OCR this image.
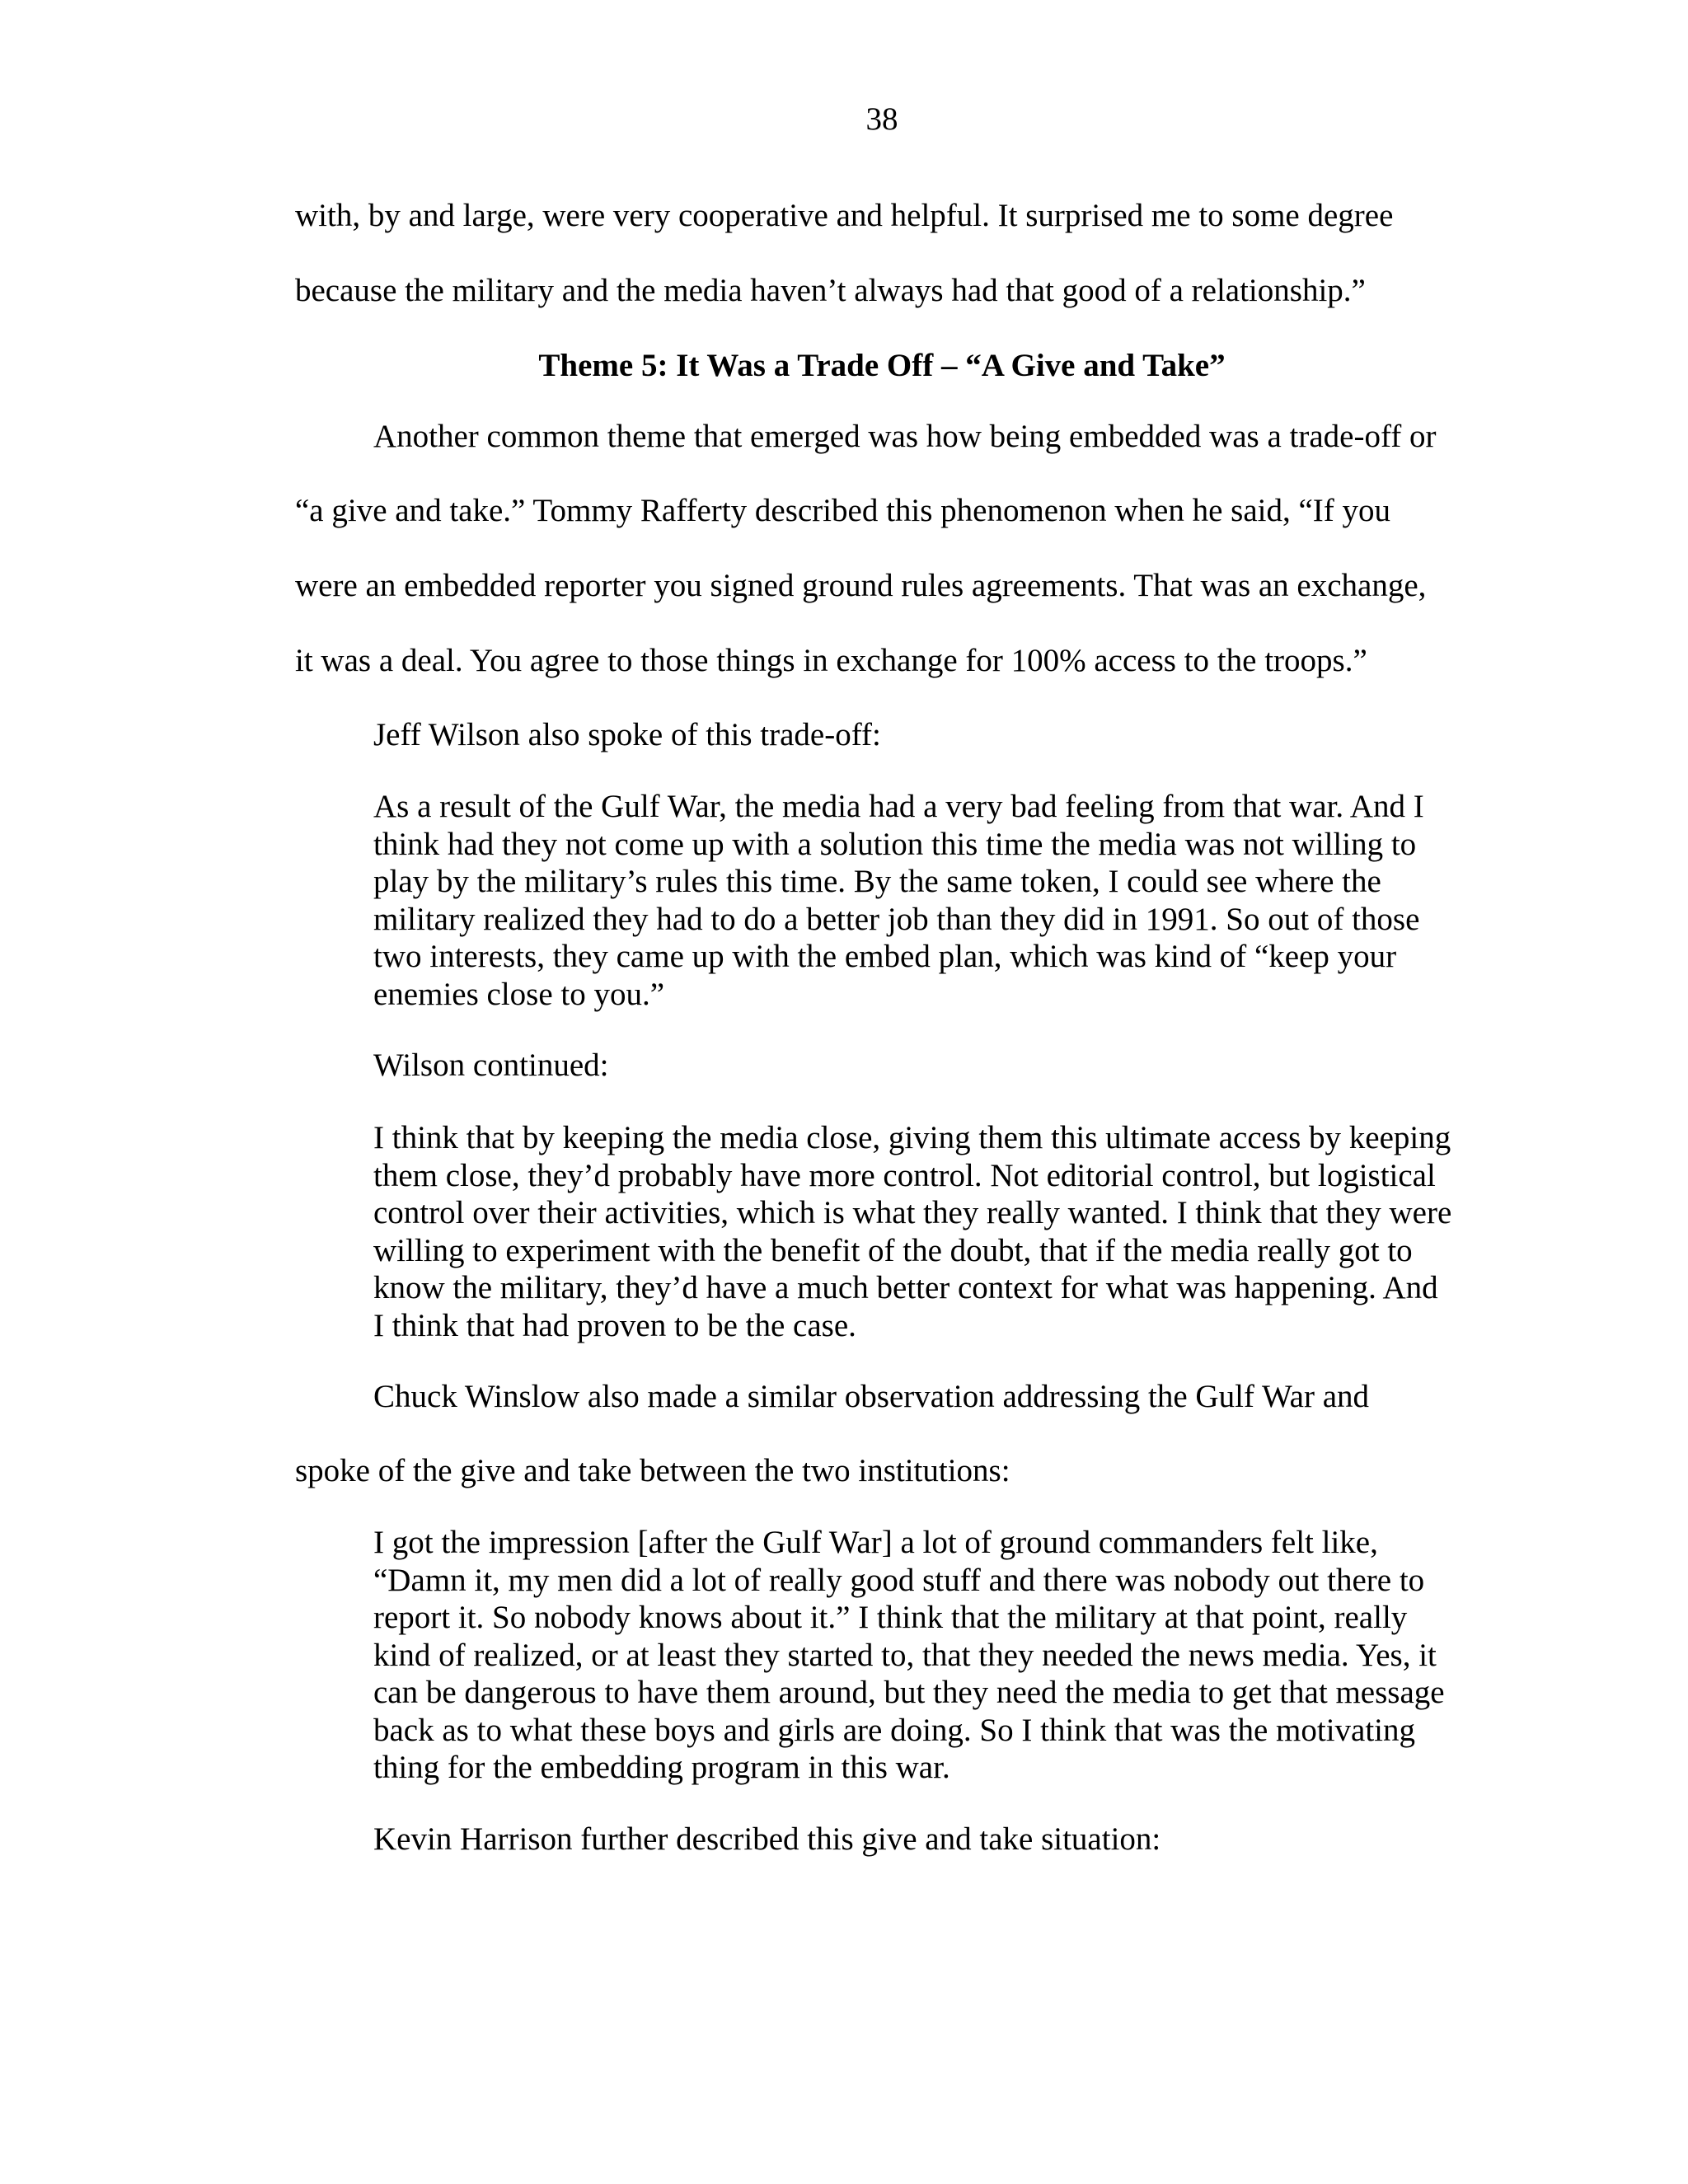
38
with, by and large, were very cooperative and helpful. It surprised me to some degree
because the military and the media haven’t always had that good of a relationship.”
Theme 5: It Was a Trade Off – “A Give and Take”
Another common theme that emerged was how being embedded was a trade-off or
“a give and take.” Tommy Rafferty described this phenomenon when he said, “If you
were an embedded reporter you signed ground rules agreements. That was an exchange,
it was a deal. You agree to those things in exchange for 100% access to the troops.”
Jeff Wilson also spoke of this trade-off:
As a result of the Gulf War, the media had a very bad feeling from that war. And I
think had they not come up with a solution this time the media was not willing to
play by the military’s rules this time. By the same token, I could see where the
military realized they had to do a better job than they did in 1991. So out of those
two interests, they came up with the embed plan, which was kind of “keep your
enemies close to you.”
Wilson continued:
I think that by keeping the media close, giving them this ultimate access by keeping
them close, they’d probably have more control. Not editorial control, but logistical
control over their activities, which is what they really wanted. I think that they were
willing to experiment with the benefit of the doubt, that if the media really got to
know the military, they’d have a much better context for what was happening. And
I think that had proven to be the case.
Chuck Winslow also made a similar observation addressing the Gulf War and
spoke of the give and take between the two institutions:
I got the impression [after the Gulf War] a lot of ground commanders felt like,
“Damn it, my men did a lot of really good stuff and there was nobody out there to
report it. So nobody knows about it.” I think that the military at that point, really
kind of realized, or at least they started to, that they needed the news media. Yes, it
can be dangerous to have them around, but they need the media to get that message
back as to what these boys and girls are doing. So I think that was the motivating
thing for the embedding program in this war.
Kevin Harrison further described this give and take situation:
